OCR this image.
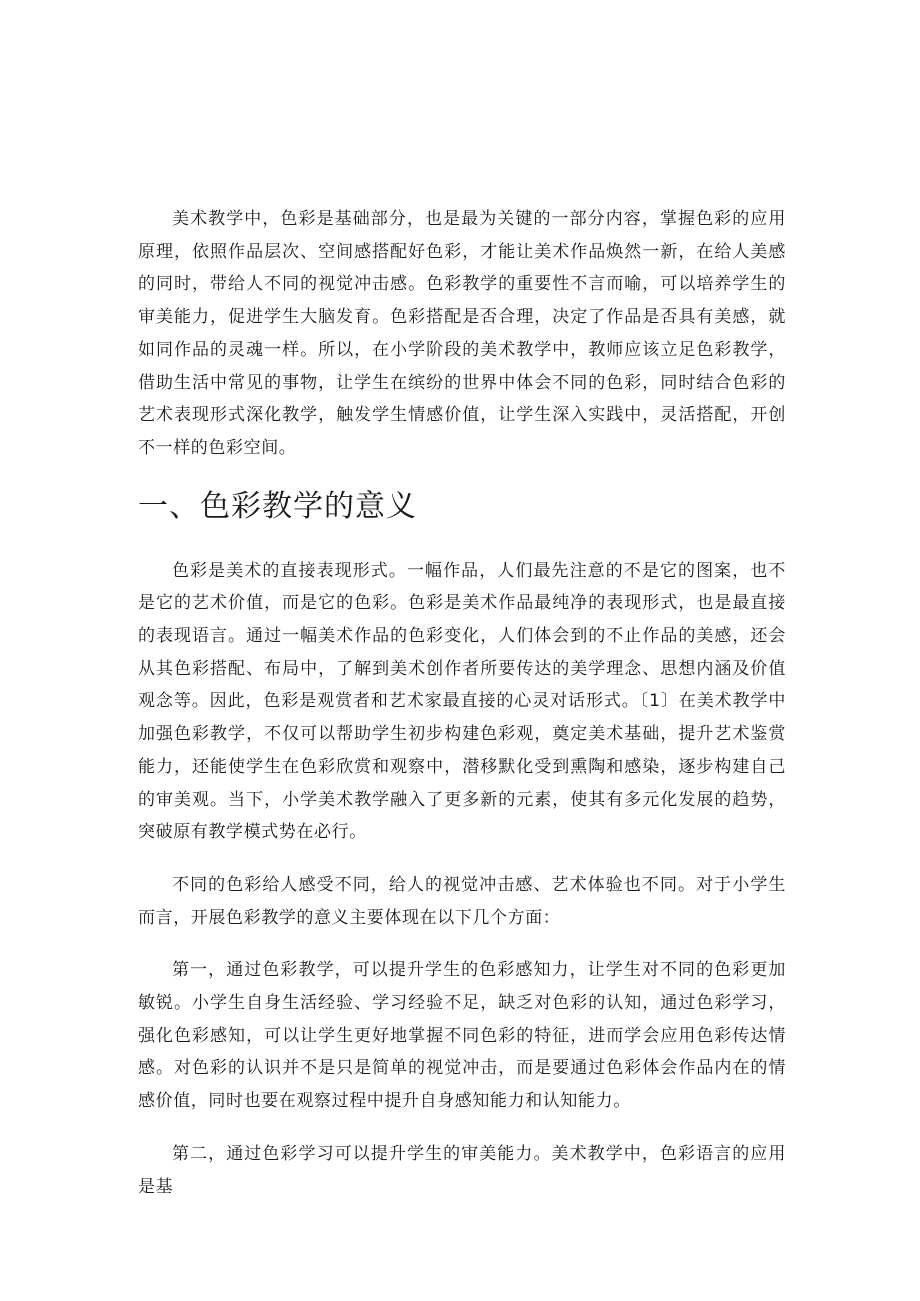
美术教学中，色彩是基础部分，也是最为关键的一部分内容，掌握色彩的应用原理，依照作品层次、空间感搭配好色彩，才能让美术作品焕然一新，在给人美感的同时，带给人不同的视觉冲击感。色彩教学的重要性不言而喻，可以培养学生的审美能力，促进学生大脑发育。色彩搭配是否合理，决定了作品是否具有美感，就如同作品的灵魂一样。所以，在小学阶段的美术教学中，教师应该立足色彩教学，借助生活中常见的事物，让学生在缤纷的世界中体会不同的色彩，同时结合色彩的艺术表现形式深化教学，触发学生情感价值，让学生深入实践中，灵活搭配，开创不一样的色彩空间。

一、色彩教学的意义

色彩是美术的直接表现形式。一幅作品，人们最先注意的不是它的图案，也不是它的艺术价值，而是它的色彩。色彩是美术作品最纯净的表现形式，也是最直接的表现语言。通过一幅美术作品的色彩变化，人们体会到的不止作品的美感，还会从其色彩搭配、布局中，了解到美术创作者所要传达的美学理念、思想内涵及价值观念等。因此，色彩是观赏者和艺术家最直接的心灵对话形式。〔1〕在美术教学中加强色彩教学，不仅可以帮助学生初步构建色彩观，奠定美术基础，提升艺术鉴赏能力，还能使学生在色彩欣赏和观察中，潜移默化受到熏陶和感染，逐步构建自己的审美观。当下，小学美术教学融入了更多新的元素，使其有多元化发展的趋势，突破原有教学模式势在必行。

不同的色彩给人感受不同，给人的视觉冲击感、艺术体验也不同。对于小学生而言，开展色彩教学的意义主要体现在以下几个方面：

第一，通过色彩教学，可以提升学生的色彩感知力，让学生对不同的色彩更加敏锐。小学生自身生活经验、学习经验不足，缺乏对色彩的认知，通过色彩学习，强化色彩感知，可以让学生更好地掌握不同色彩的特征，进而学会应用色彩传达情感。对色彩的认识并不是只是简单的视觉冲击，而是要通过色彩体会作品内在的情感价值，同时也要在观察过程中提升自身感知能力和认知能力。

第二，通过色彩学习可以提升学生的审美能力。美术教学中，色彩语言的应用是基
